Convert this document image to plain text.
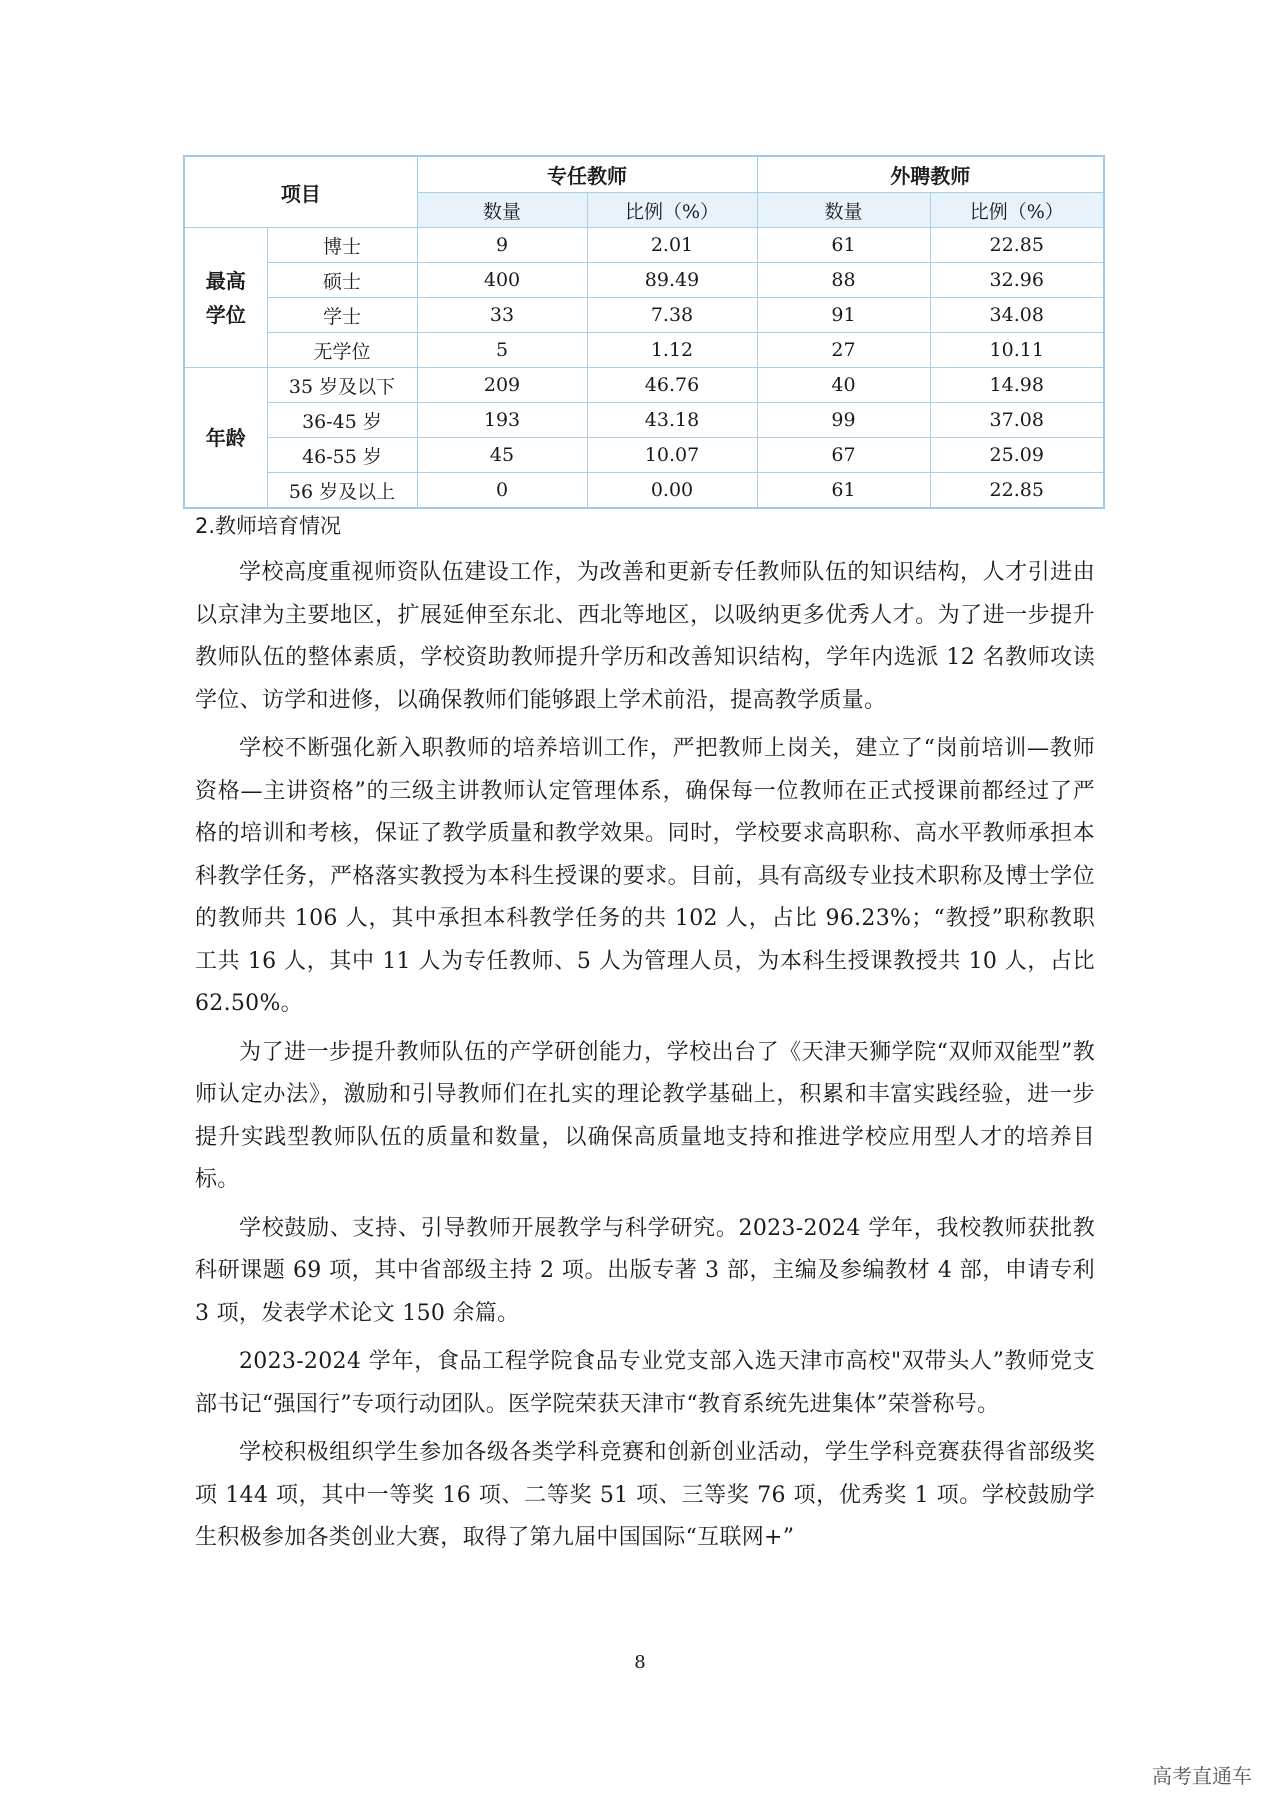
项目		专任教师		外聘教师	
		数量	比例（%）	数量	比例（%）

最高学位	博士	9	2.01	61	22.85
	硕士	400	89.49	88	32.96
	学士	33	7.38	91	34.08
	无学位	5	1.12	27	10.11
年龄	35 岁及以下	209	46.76	40	14.98
	36-45 岁	193	43.18	99	37.08
	46-55 岁	45	10.07	67	25.09
	56 岁及以上	0	0.00	61	22.85
2.教师培育情况

学校高度重视师资队伍建设工作，为改善和更新专任教师队伍的知识结构，人才引进由以京津为主要地区，扩展延伸至东北、西北等地区，以吸纳更多优秀人才。为了进一步提升教师队伍的整体素质，学校资助教师提升学历和改善知识结构，学年内选派 12 名教师攻读学位、访学和进修，以确保教师们能够跟上学术前沿，提高教学质量。

学校不断强化新入职教师的培养培训工作，严把教师上岗关，建立了“岗前培训—教师资格—主讲资格”的三级主讲教师认定管理体系，确保每一位教师在正式授课前都经过了严格的培训和考核，保证了教学质量和教学效果。同时，学校要求高职称、高水平教师承担本科教学任务，严格落实教授为本科生授课的要求。目前，具有高级专业技术职称及博士学位的教师共 106 人，其中承担本科教学任务的共 102 人，占比 96.23%；“教授”职称教职工共 16 人，其中 11 人为专任教师、5 人为管理人员，为本科生授课教授共 10 人，占比 62.50%。

为了进一步提升教师队伍的产学研创能力，学校出台了《天津天狮学院“双师双能型”教师认定办法》，激励和引导教师们在扎实的理论教学基础上，积累和丰富实践经验，进一步提升实践型教师队伍的质量和数量，以确保高质量地支持和推进学校应用型人才的培养目标。

学校鼓励、支持、引导教师开展教学与科学研究。2023-2024 学年，我校教师获批教科研课题 69 项，其中省部级主持 2 项。出版专著 3 部，主编及参编教材 4 部，申请专利 3 项，发表学术论文 150 余篇。

2023-2024 学年，食品工程学院食品专业党支部入选天津市高校"双带头人”教师党支部书记“强国行”专项行动团队。医学院荣获天津市“教育系统先进集体”荣誉称号。

学校积极组织学生参加各级各类学科竞赛和创新创业活动，学生学科竞赛获得省部级奖项 144 项，其中一等奖 16 项、二等奖 51 项、三等奖 76 项，优秀奖 1 项。学校鼓励学生积极参加各类创业大赛，取得了第九届中国国际“互联网+”

8
高考直通车
